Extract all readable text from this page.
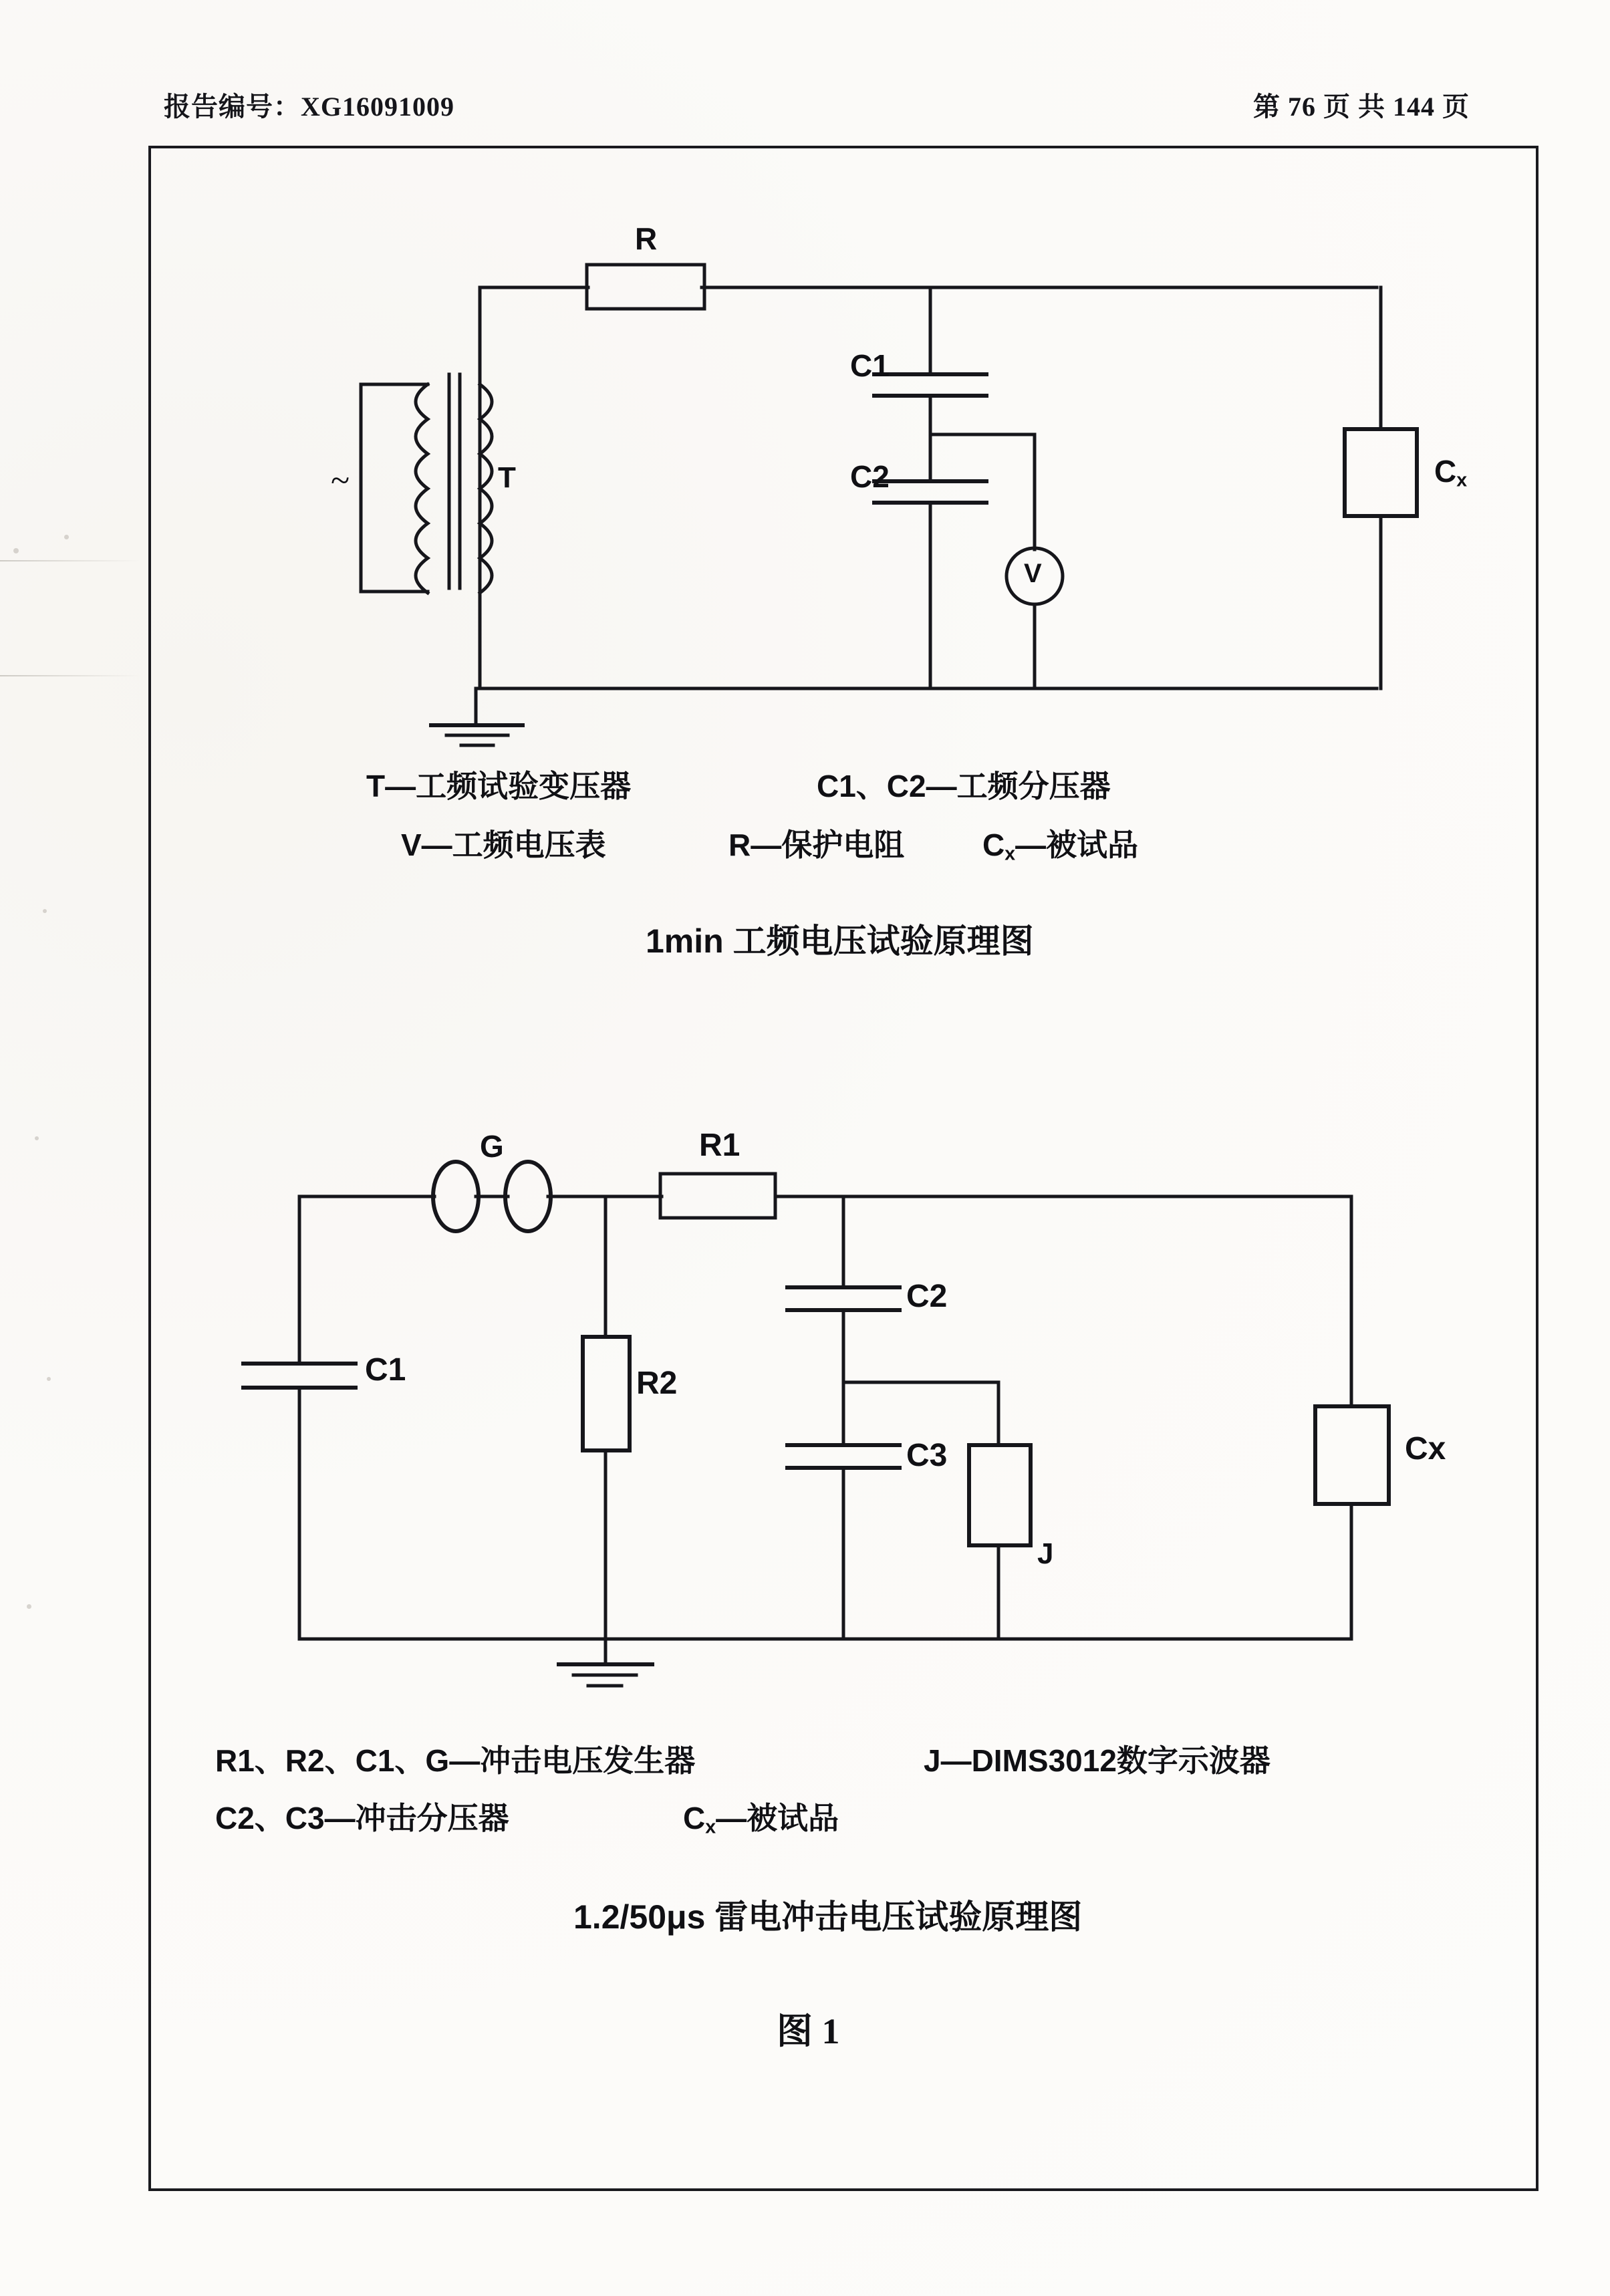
报告编号：XG16091009	第 76 页 共 144 页
R
T
~
C1
C2
V
$C_x$
T—工频试验变压器	C1、C2—工频分压器
V—工频电压表	R—保护电阻	$C_x—$被试品
1min 工频电压试验原理图
G	R1
R2
C1
C2
C3
J
Cx
R1、R2、C1、G—冲击电压发生器	J—DIMS3012数字示波器
C2、C3—冲击分压器	$C_x—$被试品
1.2/50μs 雷电冲击电压试验原理图
图 1
